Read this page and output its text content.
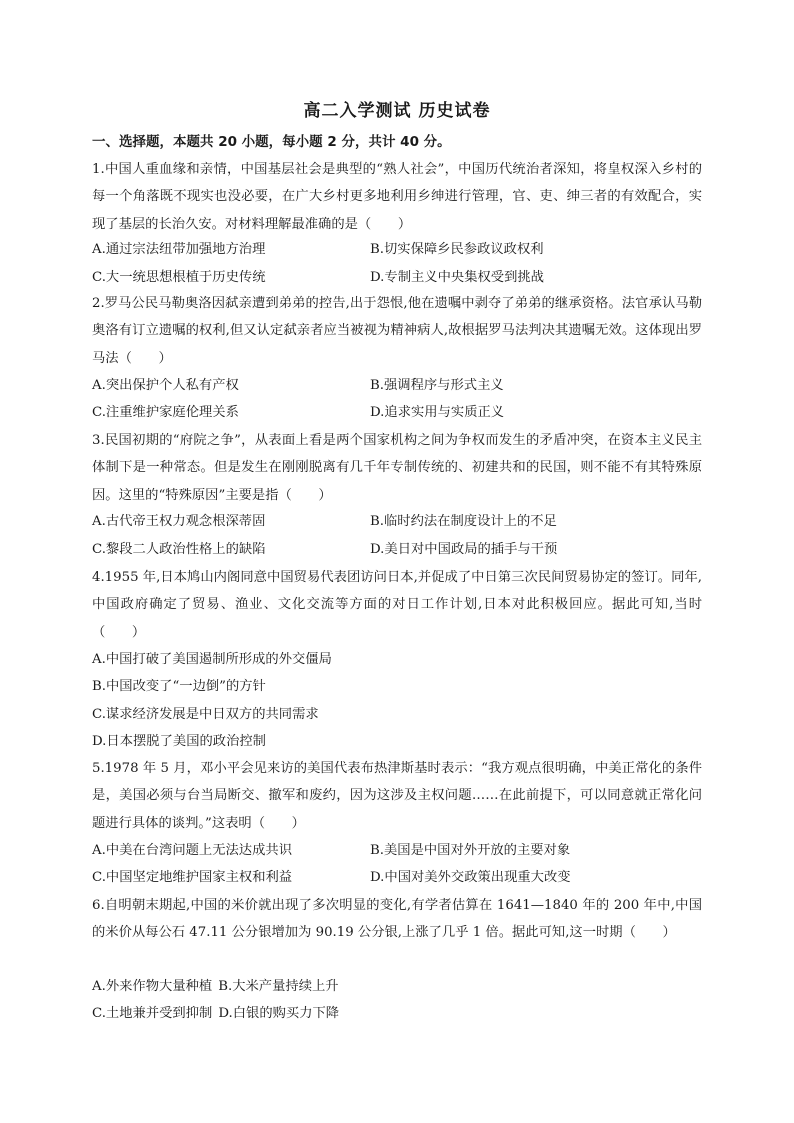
高二入学测试 历史试卷
一、选择题，本题共 20 小题，每小题 2 分，共计 40 分。
1.中国人重血缘和亲情，中国基层社会是典型的“熟人社会”，中国历代统治者深知，将皇权深入乡村的每一个角落既不现实也没必要，在广大乡村更多地利用乡绅进行管理，官、吏、绅三者的有效配合，实现了基层的长治久安。对材料理解最准确的是（　　）
A.通过宗法纽带加强地方治理	B.切实保障乡民参政议政权利
C.大一统思想根植于历史传统	D.专制主义中央集权受到挑战
2.罗马公民马勒奥洛因弑亲遭到弟弟的控告,出于怨恨,他在遗嘱中剥夺了弟弟的继承资格。法官承认马勒奥洛有订立遗嘱的权利,但又认定弑亲者应当被视为精神病人,故根据罗马法判决其遗嘱无效。这体现出罗马法（　　）
A.突出保护个人私有产权	B.强调程序与形式主义
C.注重维护家庭伦理关系	D.追求实用与实质正义
3.民国初期的“府院之争”，从表面上看是两个国家机构之间为争权而发生的矛盾冲突，在资本主义民主体制下是一种常态。但是发生在刚刚脱离有几千年专制传统的、初建共和的民国，则不能不有其特殊原因。这里的“特殊原因”主要是指（　　）
A.古代帝王权力观念根深蒂固	B.临时约法在制度设计上的不足
C.黎段二人政治性格上的缺陷	D.美日对中国政局的插手与干预
4.1955 年,日本鸠山内阁同意中国贸易代表团访问日本,并促成了中日第三次民间贸易协定的签订。同年,中国政府确定了贸易、渔业、文化交流等方面的对日工作计划,日本对此积极回应。据此可知,当时（　　）
A.中国打破了美国遏制所形成的外交僵局
B.中国改变了“一边倒”的方针
C.谋求经济发展是中日双方的共同需求
D.日本摆脱了美国的政治控制
5.1978 年 5 月，邓小平会见来访的美国代表布热津斯基时表示：“我方观点很明确，中美正常化的条件是，美国必须与台当局断交、撤军和废约，因为这涉及主权问题……在此前提下，可以同意就正常化问题进行具体的谈判。”这表明（　　）
A.中美在台湾问题上无法达成共识	B.美国是中国对外开放的主要对象
C.中国坚定地维护国家主权和利益	D.中国对美外交政策出现重大改变
6.自明朝末期起,中国的米价就出现了多次明显的变化,有学者估算在 1641—1840 年的 200 年中,中国的米价从每公石 47.11 公分银增加为 90.19 公分银,上涨了几乎 1 倍。据此可知,这一时期（　　）
A.外来作物大量种植 B.大米产量持续上升
C.土地兼并受到抑制 D.白银的购买力下降
